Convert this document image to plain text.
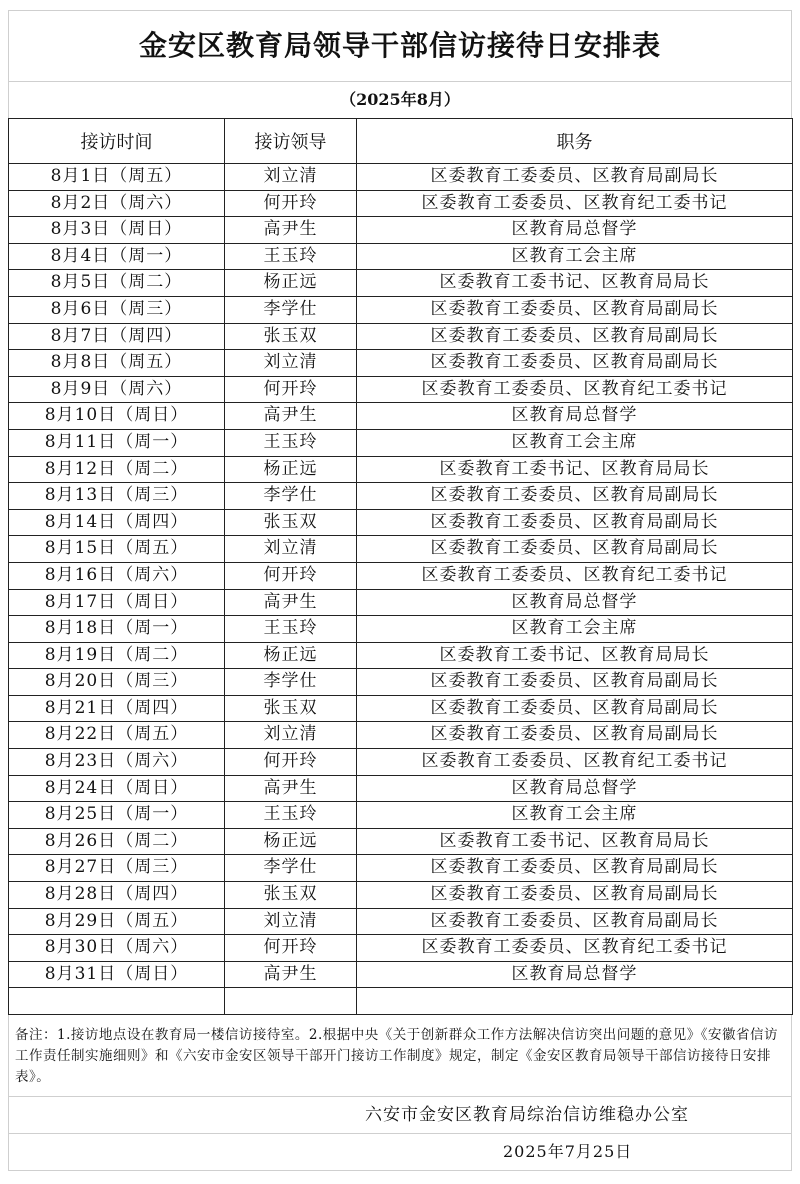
金安区教育局领导干部信访接待日安排表
（2025年8月）
接访时间	接访领导	职务
8月1日（周五）	刘立清	区委教育工委委员、区教育局副局长
8月2日（周六）	何开玲	区委教育工委委员、区教育纪工委书记
8月3日（周日）	高尹生	区教育局总督学
8月4日（周一）	王玉玲	区教育工会主席
8月5日（周二）	杨正远	区委教育工委书记、区教育局局长
8月6日（周三）	李学仕	区委教育工委委员、区教育局副局长
8月7日（周四）	张玉双	区委教育工委委员、区教育局副局长
8月8日（周五）	刘立清	区委教育工委委员、区教育局副局长
8月9日（周六）	何开玲	区委教育工委委员、区教育纪工委书记
8月10日（周日）	高尹生	区教育局总督学
8月11日（周一）	王玉玲	区教育工会主席
8月12日（周二）	杨正远	区委教育工委书记、区教育局局长
8月13日（周三）	李学仕	区委教育工委委员、区教育局副局长
8月14日（周四）	张玉双	区委教育工委委员、区教育局副局长
8月15日（周五）	刘立清	区委教育工委委员、区教育局副局长
8月16日（周六）	何开玲	区委教育工委委员、区教育纪工委书记
8月17日（周日）	高尹生	区教育局总督学
8月18日（周一）	王玉玲	区教育工会主席
8月19日（周二）	杨正远	区委教育工委书记、区教育局局长
8月20日（周三）	李学仕	区委教育工委委员、区教育局副局长
8月21日（周四）	张玉双	区委教育工委委员、区教育局副局长
8月22日（周五）	刘立清	区委教育工委委员、区教育局副局长
8月23日（周六）	何开玲	区委教育工委委员、区教育纪工委书记
8月24日（周日）	高尹生	区教育局总督学
8月25日（周一）	王玉玲	区教育工会主席
8月26日（周二）	杨正远	区委教育工委书记、区教育局局长
8月27日（周三）	李学仕	区委教育工委委员、区教育局副局长
8月28日（周四）	张玉双	区委教育工委委员、区教育局副局长
8月29日（周五）	刘立清	区委教育工委委员、区教育局副局长
8月30日（周六）	何开玲	区委教育工委委员、区教育纪工委书记
8月31日（周日）	高尹生	区教育局总督学

备注：1.接访地点设在教育局一楼信访接待室。2.根据中央《关于创新群众工作方法解决信访突出问题的意见》《安徽省信访工作责任制实施细则》和《六安市金安区领导干部开门接访工作制度》规定，制定《金安区教育局领导干部信访接待日安排表》。
六安市金安区教育局综治信访维稳办公室
2025年7月25日
